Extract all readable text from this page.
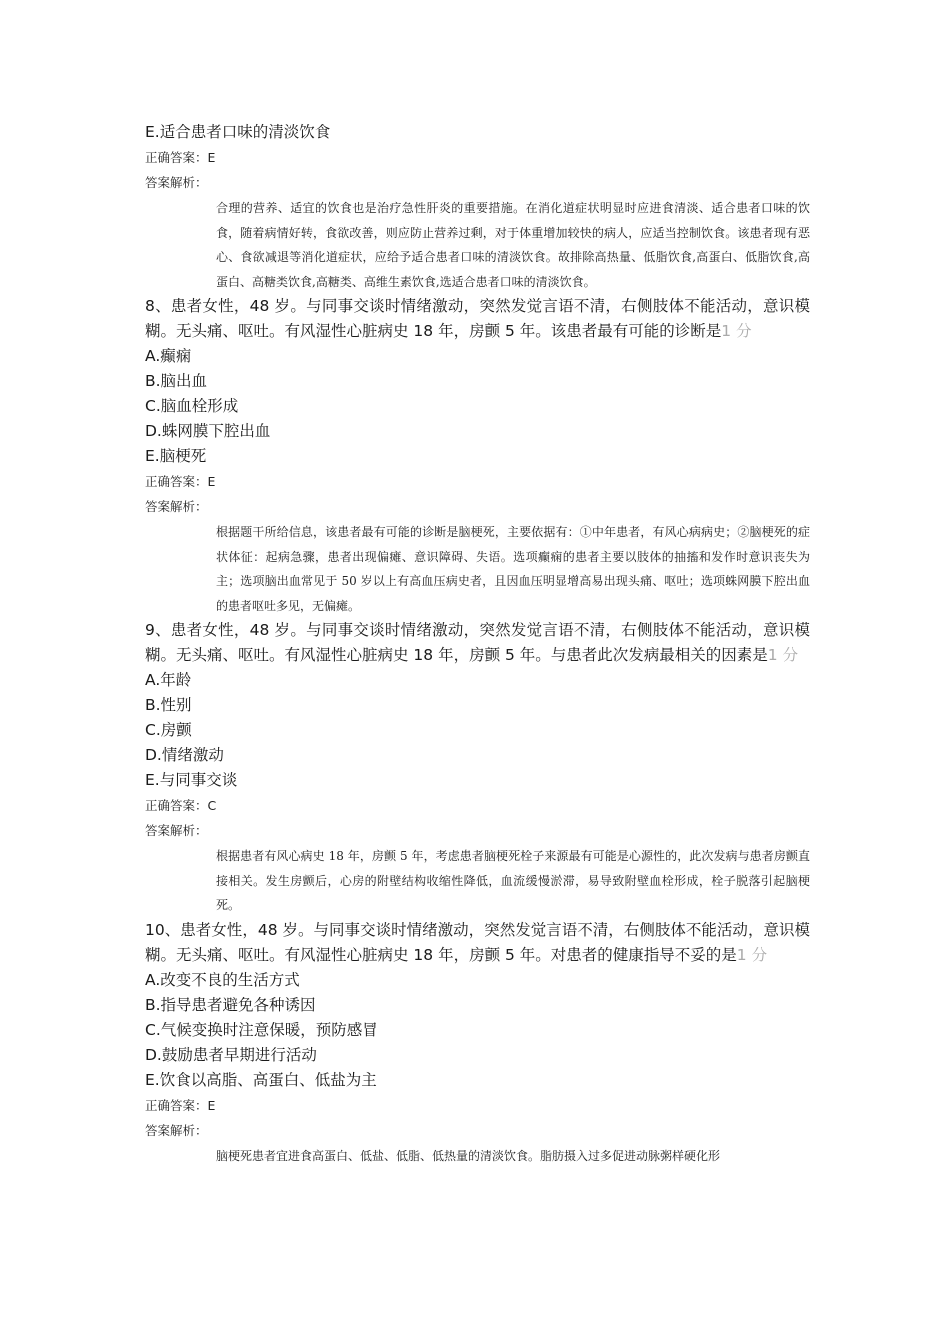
E.适合患者口味的清淡饮食
正确答案：E
答案解析：
合理的营养、适宜的饮食也是治疗急性肝炎的重要措施。在消化道症状明显时应进食清淡、适合患者口味的饮食，随着病情好转，食欲改善，则应防止营养过剩，对于体重增加较快的病人，应适当控制饮食。该患者现有恶心、食欲减退等消化道症状，应给予适合患者口味的清淡饮食。故排除高热量、低脂饮食,高蛋白、低脂饮食,高蛋白、高糖类饮食,高糖类、高维生素饮食,选适合患者口味的清淡饮食。
8、患者女性，48 岁。与同事交谈时情绪激动，突然发觉言语不清，右侧肢体不能活动，意识模糊。无头痛、呕吐。有风湿性心脏病史 18 年，房颤 5 年。该患者最有可能的诊断是1 分
A.癫痫
B.脑出血
C.脑血栓形成
D.蛛网膜下腔出血
E.脑梗死
正确答案：E
答案解析：
根据题干所给信息，该患者最有可能的诊断是脑梗死，主要依据有：①中年患者，有风心病病史；②脑梗死的症状体征：起病急骤，患者出现偏瘫、意识障碍、失语。选项癫痫的患者主要以肢体的抽搐和发作时意识丧失为主；选项脑出血常见于 50 岁以上有高血压病史者，且因血压明显增高易出现头痛、呕吐；选项蛛网膜下腔出血的患者呕吐多见，无偏瘫。
9、患者女性，48 岁。与同事交谈时情绪激动，突然发觉言语不清，右侧肢体不能活动，意识模糊。无头痛、呕吐。有风湿性心脏病史 18 年，房颤 5 年。与患者此次发病最相关的因素是1 分
A.年龄
B.性别
C.房颤
D.情绪激动
E.与同事交谈
正确答案：C
答案解析：
根据患者有风心病史 18 年，房颤 5 年，考虑患者脑梗死栓子来源最有可能是心源性的，此次发病与患者房颤直接相关。发生房颤后，心房的附壁结构收缩性降低，血流缓慢淤滞，易导致附壁血栓形成，栓子脱落引起脑梗死。
10、患者女性，48 岁。与同事交谈时情绪激动，突然发觉言语不清，右侧肢体不能活动，意识模糊。无头痛、呕吐。有风湿性心脏病史 18 年，房颤 5 年。对患者的健康指导不妥的是1 分
A.改变不良的生活方式
B.指导患者避免各种诱因
C.气候变换时注意保暖，预防感冒
D.鼓励患者早期进行活动
E.饮食以高脂、高蛋白、低盐为主
正确答案：E
答案解析：
脑梗死患者宜进食高蛋白、低盐、低脂、低热量的清淡饮食。脂肪摄入过多促进动脉粥样硬化形
